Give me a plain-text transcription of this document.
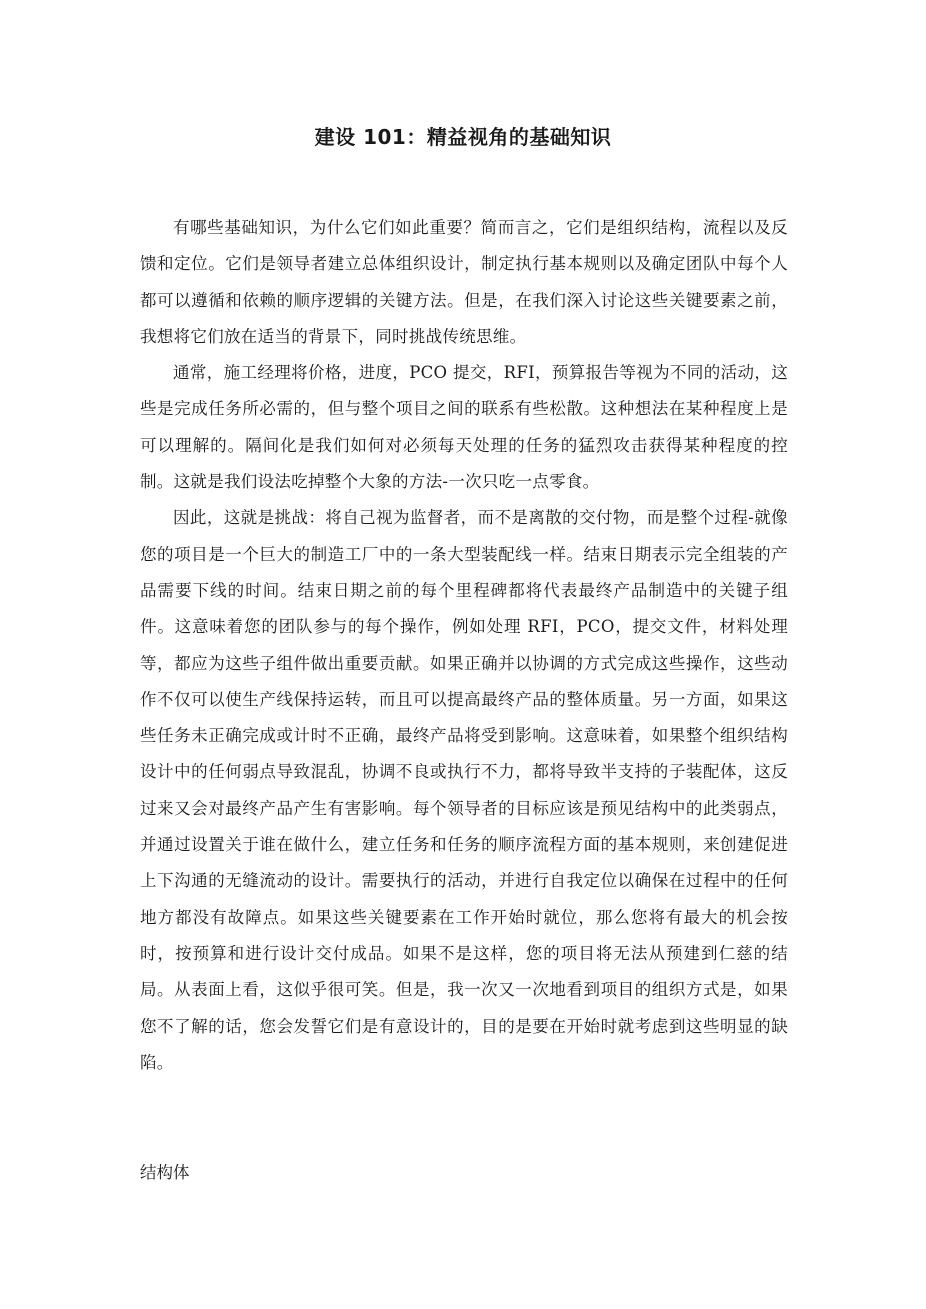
建设 101：精益视角的基础知识

有哪些基础知识，为什么它们如此重要？简而言之，它们是组织结构，流程以及反馈和定位。它们是领导者建立总体组织设计，制定执行基本规则以及确定团队中每个人都可以遵循和依赖的顺序逻辑的关键方法。但是，在我们深入讨论这些关键要素之前，我想将它们放在适当的背景下，同时挑战传统思维。

通常，施工经理将价格，进度，PCO 提交，RFI，预算报告等视为不同的活动，这些是完成任务所必需的，但与整个项目之间的联系有些松散。这种想法在某种程度上是可以理解的。隔间化是我们如何对必须每天处理的任务的猛烈攻击获得某种程度的控制。这就是我们设法吃掉整个大象的方法-一次只吃一点零食。

因此，这就是挑战：将自己视为监督者，而不是离散的交付物，而是整个过程-就像您的项目是一个巨大的制造工厂中的一条大型装配线一样。结束日期表示完全组装的产品需要下线的时间。结束日期之前的每个里程碑都将代表最终产品制造中的关键子组件。这意味着您的团队参与的每个操作，例如处理 RFI，PCO，提交文件，材料处理等，都应为这些子组件做出重要贡献。如果正确并以协调的方式完成这些操作，这些动作不仅可以使生产线保持运转，而且可以提高最终产品的整体质量。另一方面，如果这些任务未正确完成或计时不正确，最终产品将受到影响。这意味着，如果整个组织结构设计中的任何弱点导致混乱，协调不良或执行不力，都将导致半支持的子装配体，这反过来又会对最终产品产生有害影响。每个领导者的目标应该是预见结构中的此类弱点，并通过设置关于谁在做什么，建立任务和任务的顺序流程方面的基本规则，来创建促进上下沟通的无缝流动的设计。需要执行的活动，并进行自我定位以确保在过程中的任何地方都没有故障点。如果这些关键要素在工作开始时就位，那么您将有最大的机会按时，按预算和进行设计交付成品。如果不是这样，您的项目将无法从预建到仁慈的结局。从表面上看，这似乎很可笑。但是，我一次又一次地看到项目的组织方式是，如果您不了解的话，您会发誓它们是有意设计的，目的是要在开始时就考虑到这些明显的缺陷。

结构体
